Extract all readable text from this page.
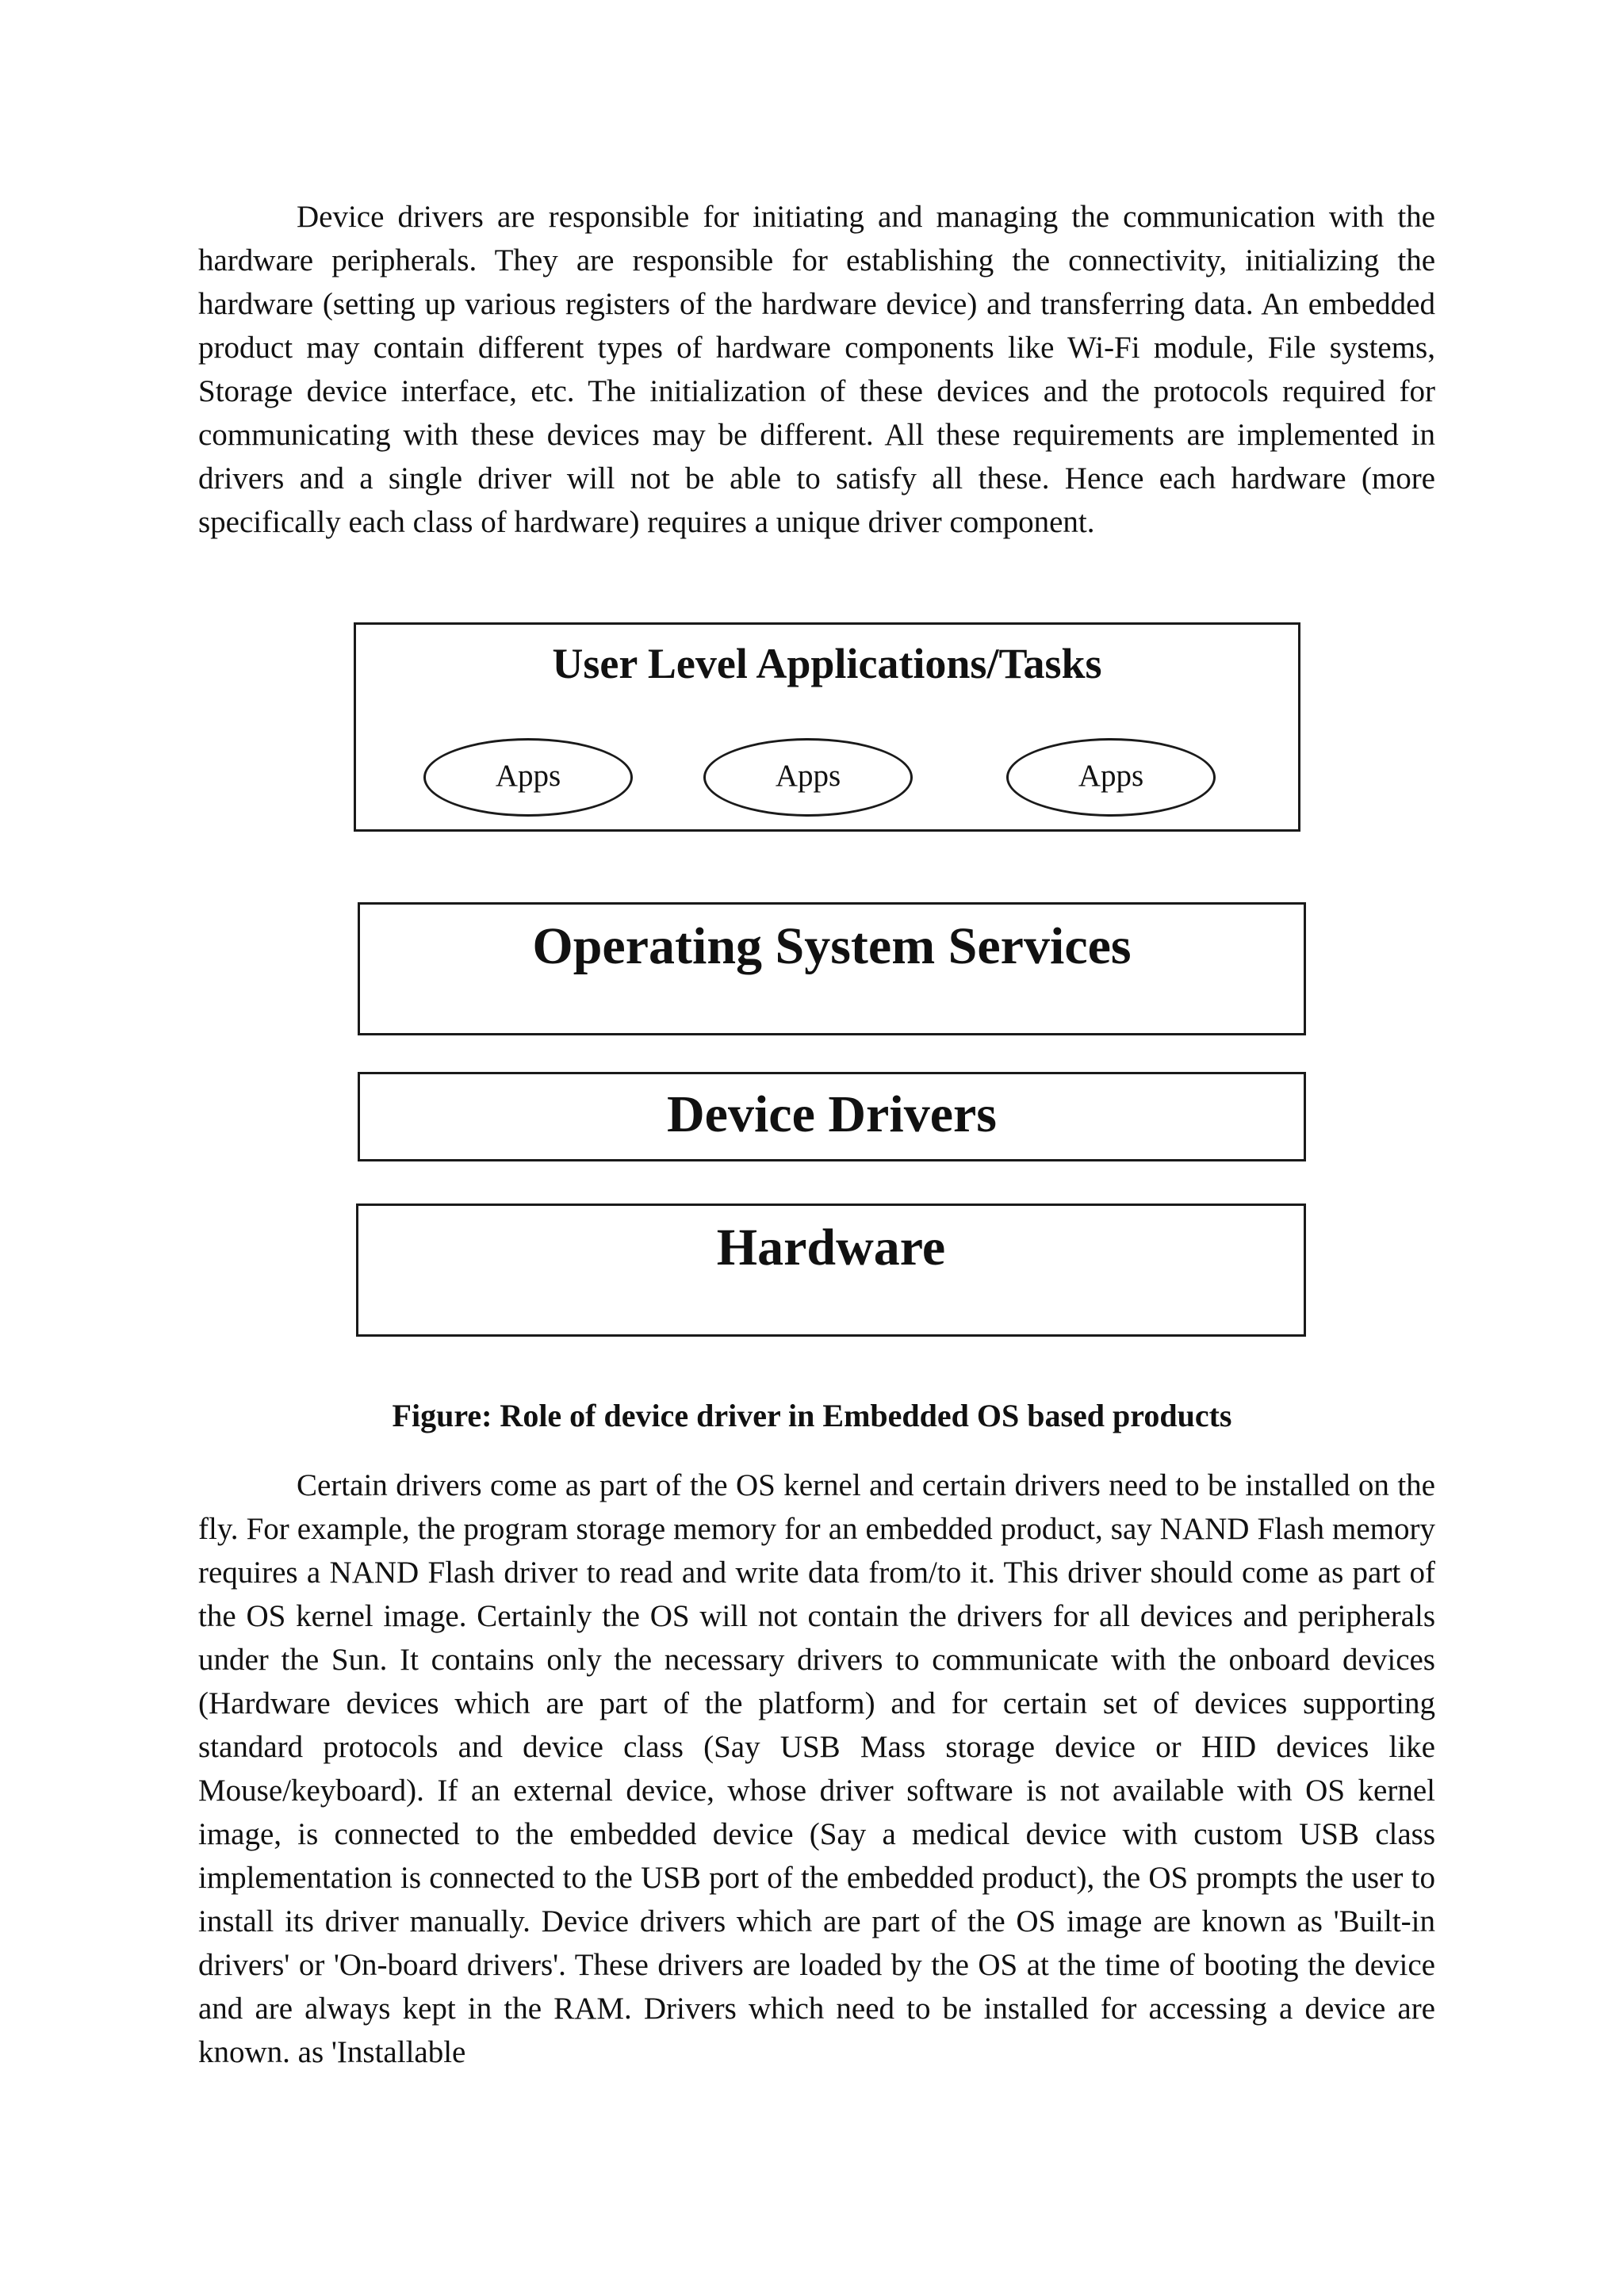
Device drivers are responsible for initiating and managing the communication with the hardware peripherals. They are responsible for establishing the connectivity, initializing the hardware (setting up various registers of the hardware device) and transferring data. An embedded product may contain different types of hardware components like Wi-Fi module, File systems, Storage device interface, etc. The initialization of these devices and the protocols required for communicating with these devices may be different. All these requirements are implemented in drivers and a single driver will not be able to satisfy all these. Hence each hardware (more specifically each class of hardware) requires a unique driver component.

User Level Applications/Tasks
Apps	Apps	Apps
Operating System Services
Device Drivers
Hardware
Figure: Role of device driver in Embedded OS based products

Certain drivers come as part of the OS kernel and certain drivers need to be installed on the fly. For example, the program storage memory for an embedded product, say NAND Flash memory requires a NAND Flash driver to read and write data from/to it. This driver should come as part of the OS kernel image. Certainly the OS will not contain the drivers for all devices and peripherals under the Sun. It contains only the necessary drivers to communicate with the onboard devices (Hardware devices which are part of the platform) and for certain set of devices supporting standard protocols and device class (Say USB Mass storage device or HID devices like Mouse/keyboard). If an external device, whose driver software is not available with OS kernel image, is connected to the embedded device (Say a medical device with custom USB class implementation is connected to the USB port of the embedded product), the OS prompts the user to install its driver manually. Device drivers which are part of the OS image are known as 'Built-in drivers' or 'On-board drivers'. These drivers are loaded by the OS at the time of booting the device and are always kept in the RAM. Drivers which need to be installed for accessing a device are known. as 'Installable
